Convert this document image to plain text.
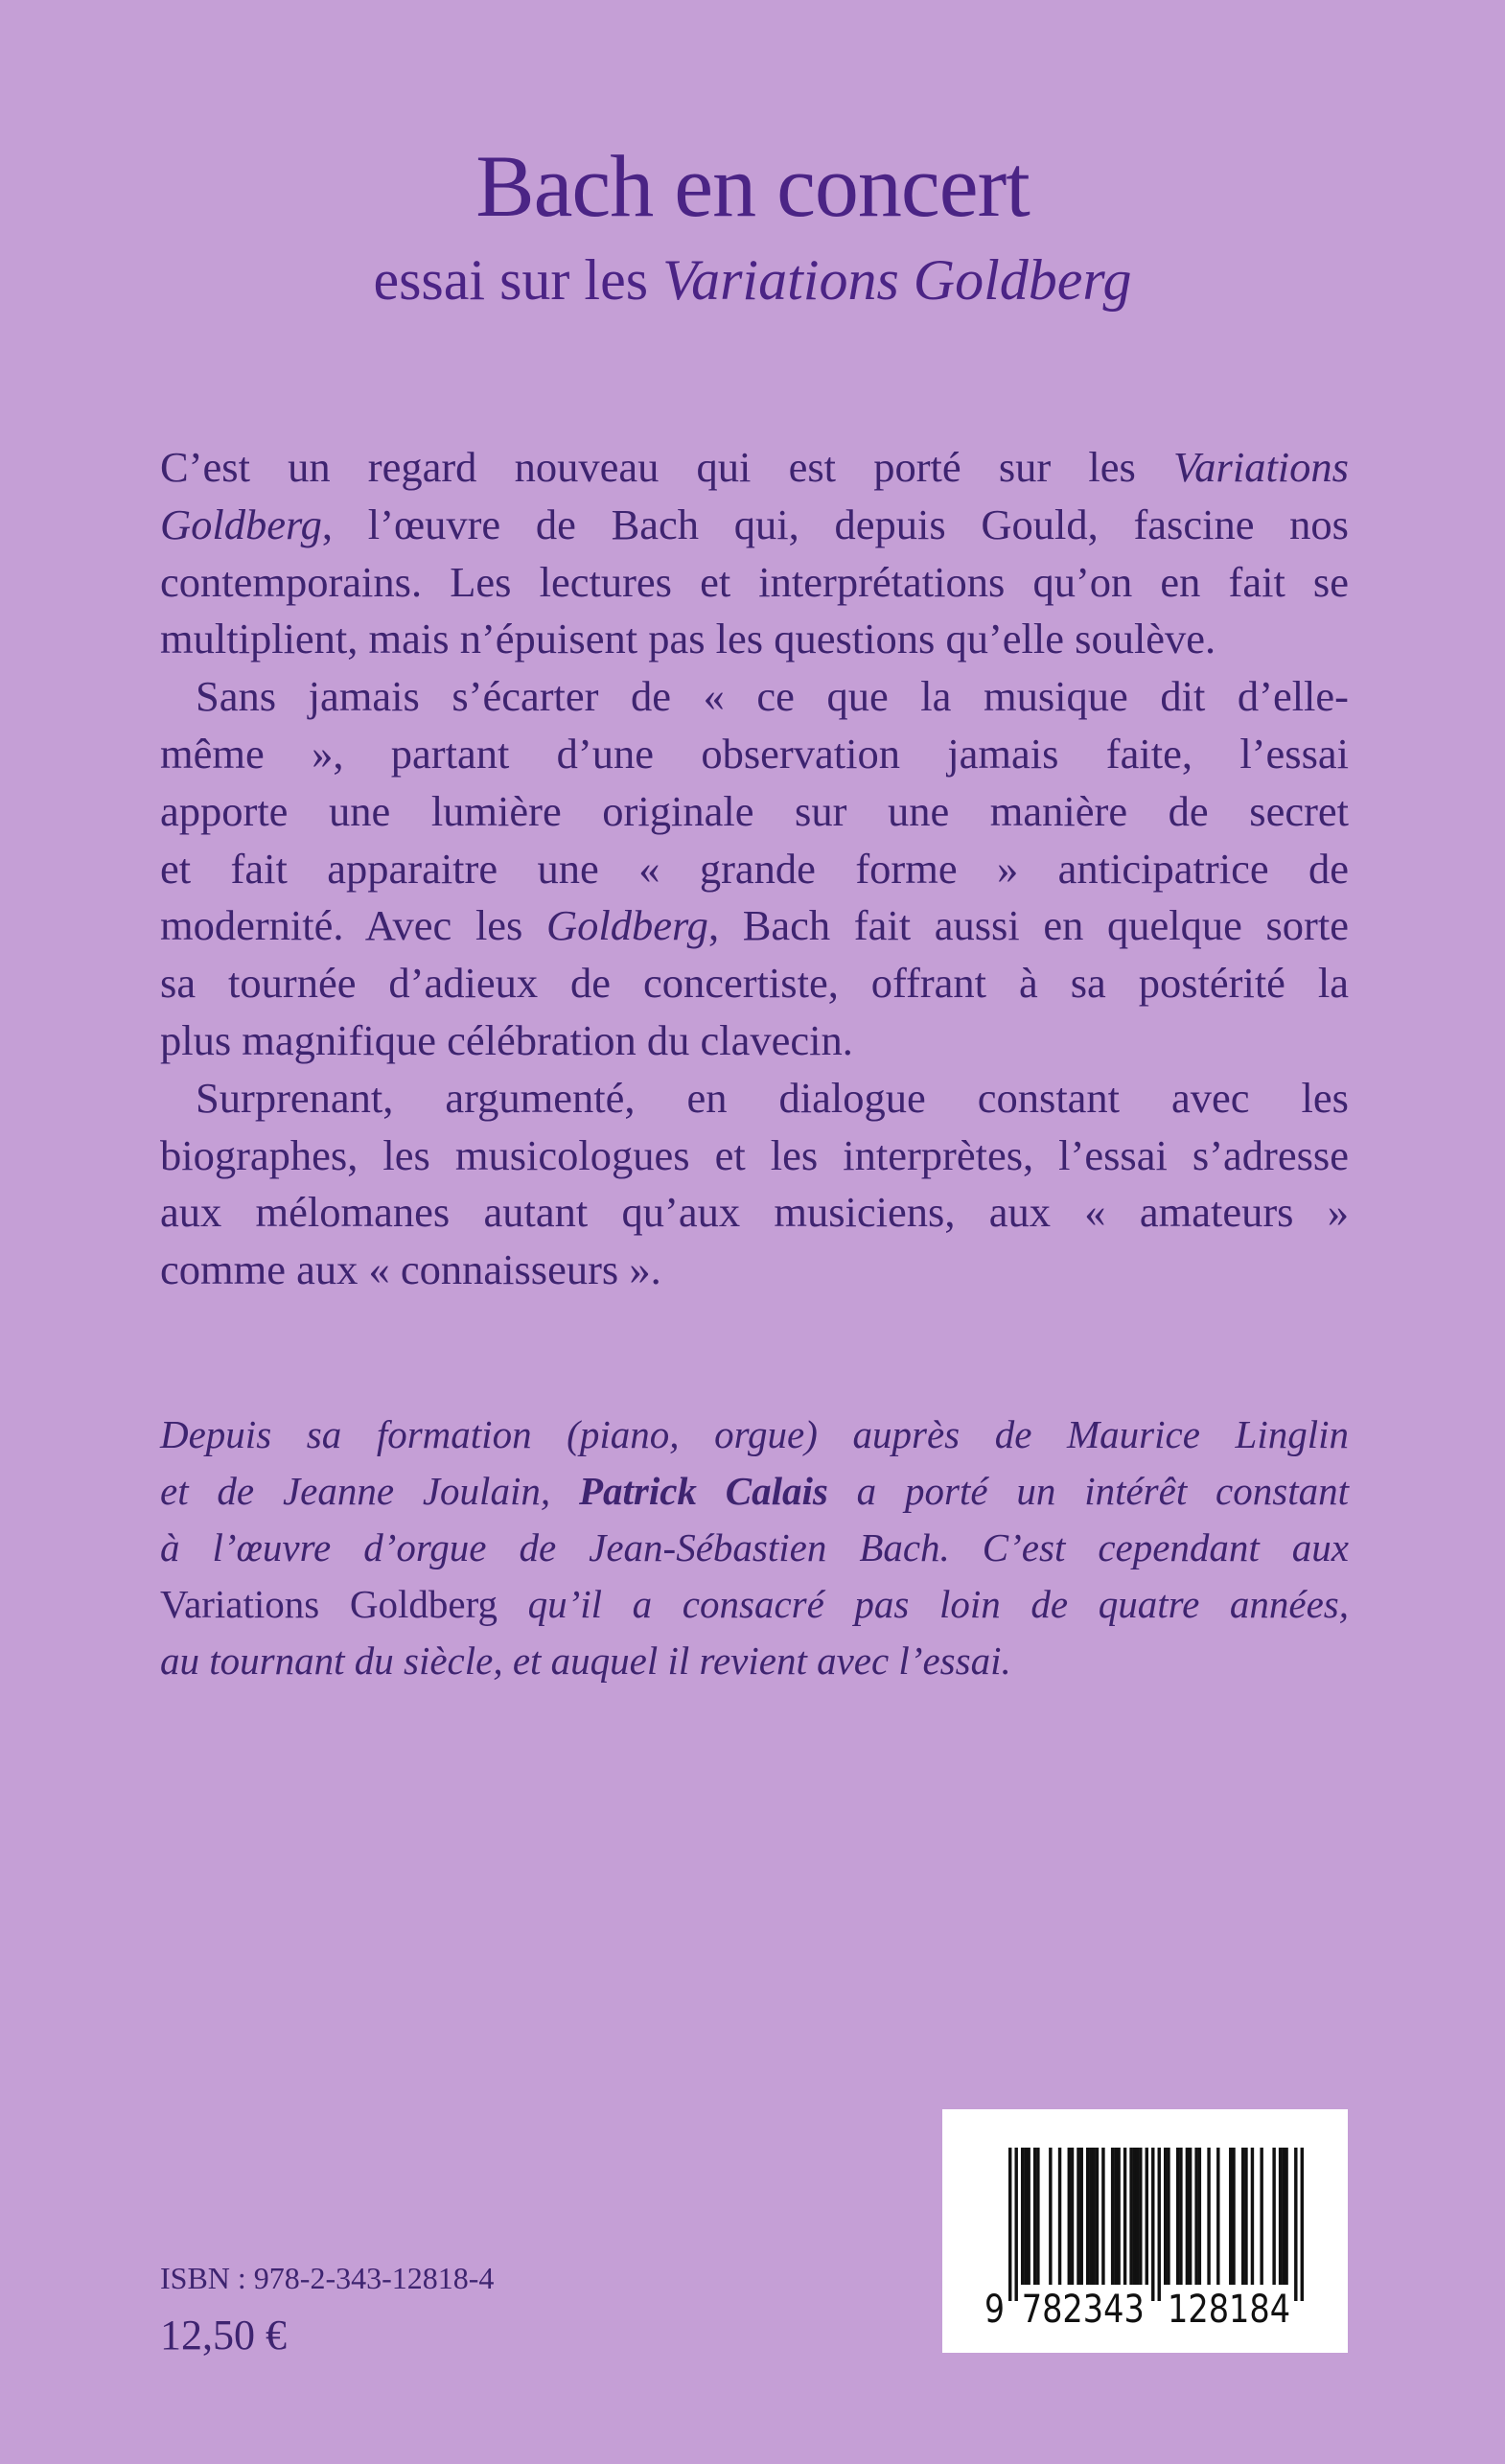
Bach en concert
essai sur les Variations Goldberg
C’est un regard nouveau qui est porté sur les Variations
Goldberg, l’œuvre de Bach qui, depuis Gould, fascine nos
contemporains. Les lectures et interprétations qu’on en fait se
multiplient, mais n’épuisent pas les questions qu’elle soulève.
Sans jamais s’écarter de « ce que la musique dit d’elle-
même », partant d’une observation jamais faite, l’essai
apporte une lumière originale sur une manière de secret
et fait apparaitre une « grande forme » anticipatrice de
modernité. Avec les Goldberg, Bach fait aussi en quelque sorte
sa tournée d’adieux de concertiste, offrant à sa postérité la
plus magnifique célébration du clavecin.
Surprenant, argumenté, en dialogue constant avec les
biographes, les musicologues et les interprètes, l’essai s’adresse
aux mélomanes autant qu’aux musiciens, aux « amateurs »
comme aux « connaisseurs ».
Depuis sa formation (piano, orgue) auprès de Maurice Linglin
et de Jeanne Joulain, Patrick Calais a porté un intérêt constant
à l’œuvre d’orgue de Jean-Sébastien Bach. C’est cependant aux
Variations Goldberg qu’il a consacré pas loin de quatre années,
au tournant du siècle, et auquel il revient avec l’essai.
ISBN : 978-2-343-12818-4
12,50 €
9 782343 128184
